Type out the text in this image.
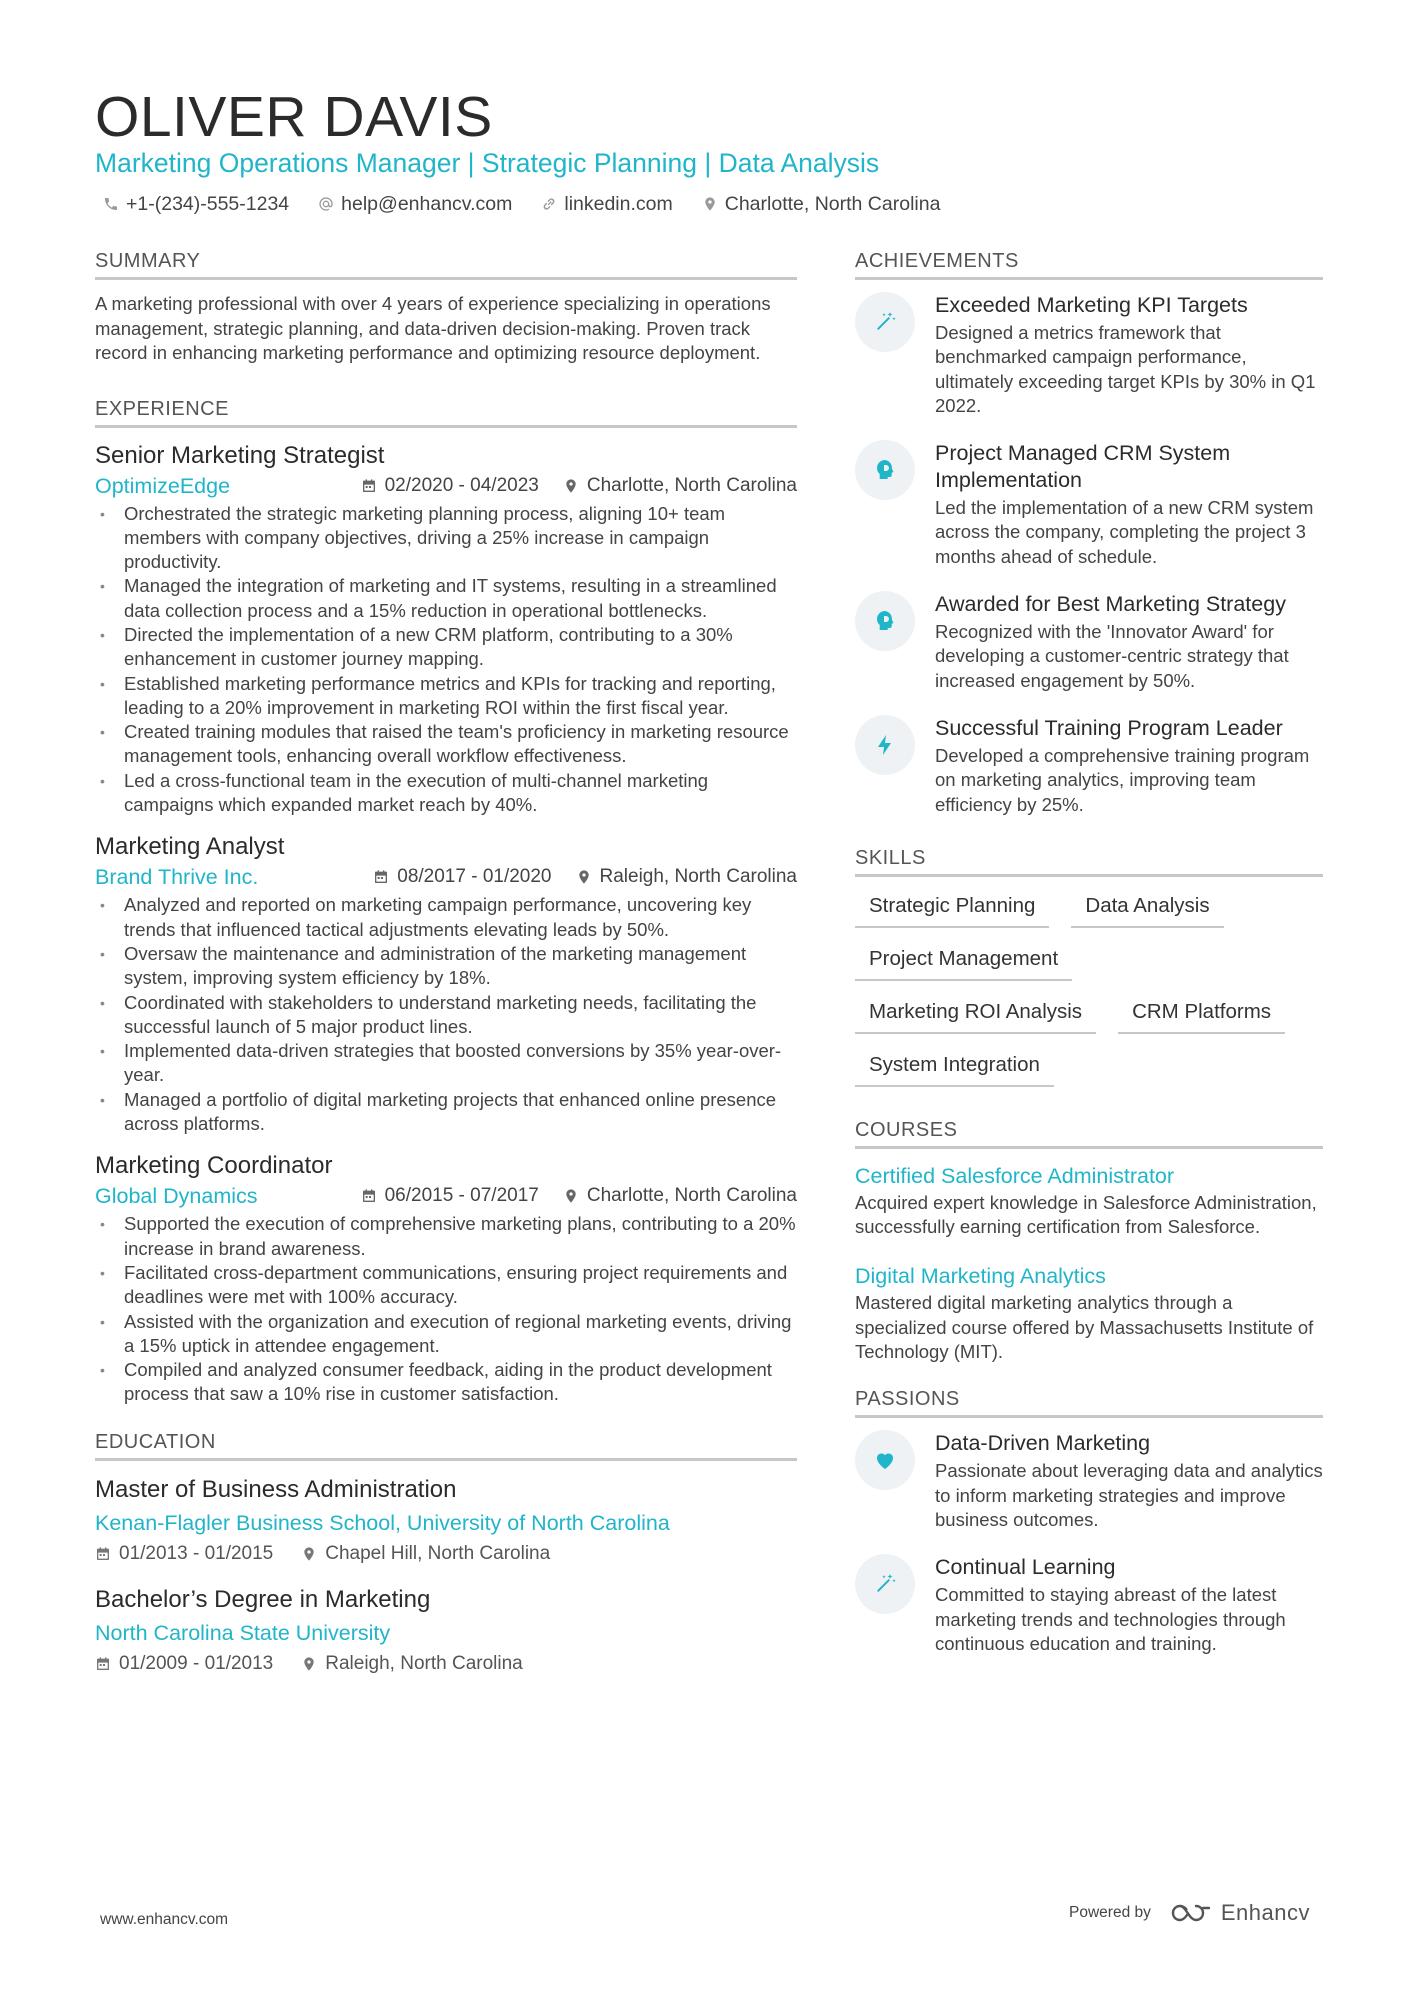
OLIVER DAVIS
Marketing Operations Manager | Strategic Planning | Data Analysis
+1-(234)-555-1234	help@enhancv.com	linkedin.com	Charlotte, North Carolina
SUMMARY
A marketing professional with over 4 years of experience specializing in operations management, strategic planning, and data-driven decision-making. Proven track record in enhancing marketing performance and optimizing resource deployment.
EXPERIENCE
Senior Marketing Strategist
OptimizeEdge	02/2020 - 04/2023	Charlotte, North Carolina
• Orchestrated the strategic marketing planning process, aligning 10+ team members with company objectives, driving a 25% increase in campaign productivity.
• Managed the integration of marketing and IT systems, resulting in a streamlined data collection process and a 15% reduction in operational bottlenecks.
• Directed the implementation of a new CRM platform, contributing to a 30% enhancement in customer journey mapping.
• Established marketing performance metrics and KPIs for tracking and reporting, leading to a 20% improvement in marketing ROI within the first fiscal year.
• Created training modules that raised the team's proficiency in marketing resource management tools, enhancing overall workflow effectiveness.
• Led a cross-functional team in the execution of multi-channel marketing campaigns which expanded market reach by 40%.
Marketing Analyst
Brand Thrive Inc.	08/2017 - 01/2020	Raleigh, North Carolina
• Analyzed and reported on marketing campaign performance, uncovering key trends that influenced tactical adjustments elevating leads by 50%.
• Oversaw the maintenance and administration of the marketing management system, improving system efficiency by 18%.
• Coordinated with stakeholders to understand marketing needs, facilitating the successful launch of 5 major product lines.
• Implemented data-driven strategies that boosted conversions by 35% year-over-year.
• Managed a portfolio of digital marketing projects that enhanced online presence across platforms.
Marketing Coordinator
Global Dynamics	06/2015 - 07/2017	Charlotte, North Carolina
• Supported the execution of comprehensive marketing plans, contributing to a 20% increase in brand awareness.
• Facilitated cross-department communications, ensuring project requirements and deadlines were met with 100% accuracy.
• Assisted with the organization and execution of regional marketing events, driving a 15% uptick in attendee engagement.
• Compiled and analyzed consumer feedback, aiding in the product development process that saw a 10% rise in customer satisfaction.
EDUCATION
Master of Business Administration
Kenan-Flagler Business School, University of North Carolina
01/2013 - 01/2015	Chapel Hill, North Carolina
Bachelor’s Degree in Marketing
North Carolina State University
01/2009 - 01/2013	Raleigh, North Carolina
ACHIEVEMENTS
Exceeded Marketing KPI Targets
Designed a metrics framework that benchmarked campaign performance, ultimately exceeding target KPIs by 30% in Q1 2022.
Project Managed CRM System Implementation
Led the implementation of a new CRM system across the company, completing the project 3 months ahead of schedule.
Awarded for Best Marketing Strategy
Recognized with the 'Innovator Award' for developing a customer-centric strategy that increased engagement by 50%.
Successful Training Program Leader
Developed a comprehensive training program on marketing analytics, improving team efficiency by 25%.
SKILLS
Strategic Planning	Data Analysis
Project Management
Marketing ROI Analysis	CRM Platforms
System Integration
COURSES
Certified Salesforce Administrator
Acquired expert knowledge in Salesforce Administration, successfully earning certification from Salesforce.
Digital Marketing Analytics
Mastered digital marketing analytics through a specialized course offered by Massachusetts Institute of Technology (MIT).
PASSIONS
Data-Driven Marketing
Passionate about leveraging data and analytics to inform marketing strategies and improve business outcomes.
Continual Learning
Committed to staying abreast of the latest marketing trends and technologies through continuous education and training.
www.enhancv.com	Powered by	Enhancv
